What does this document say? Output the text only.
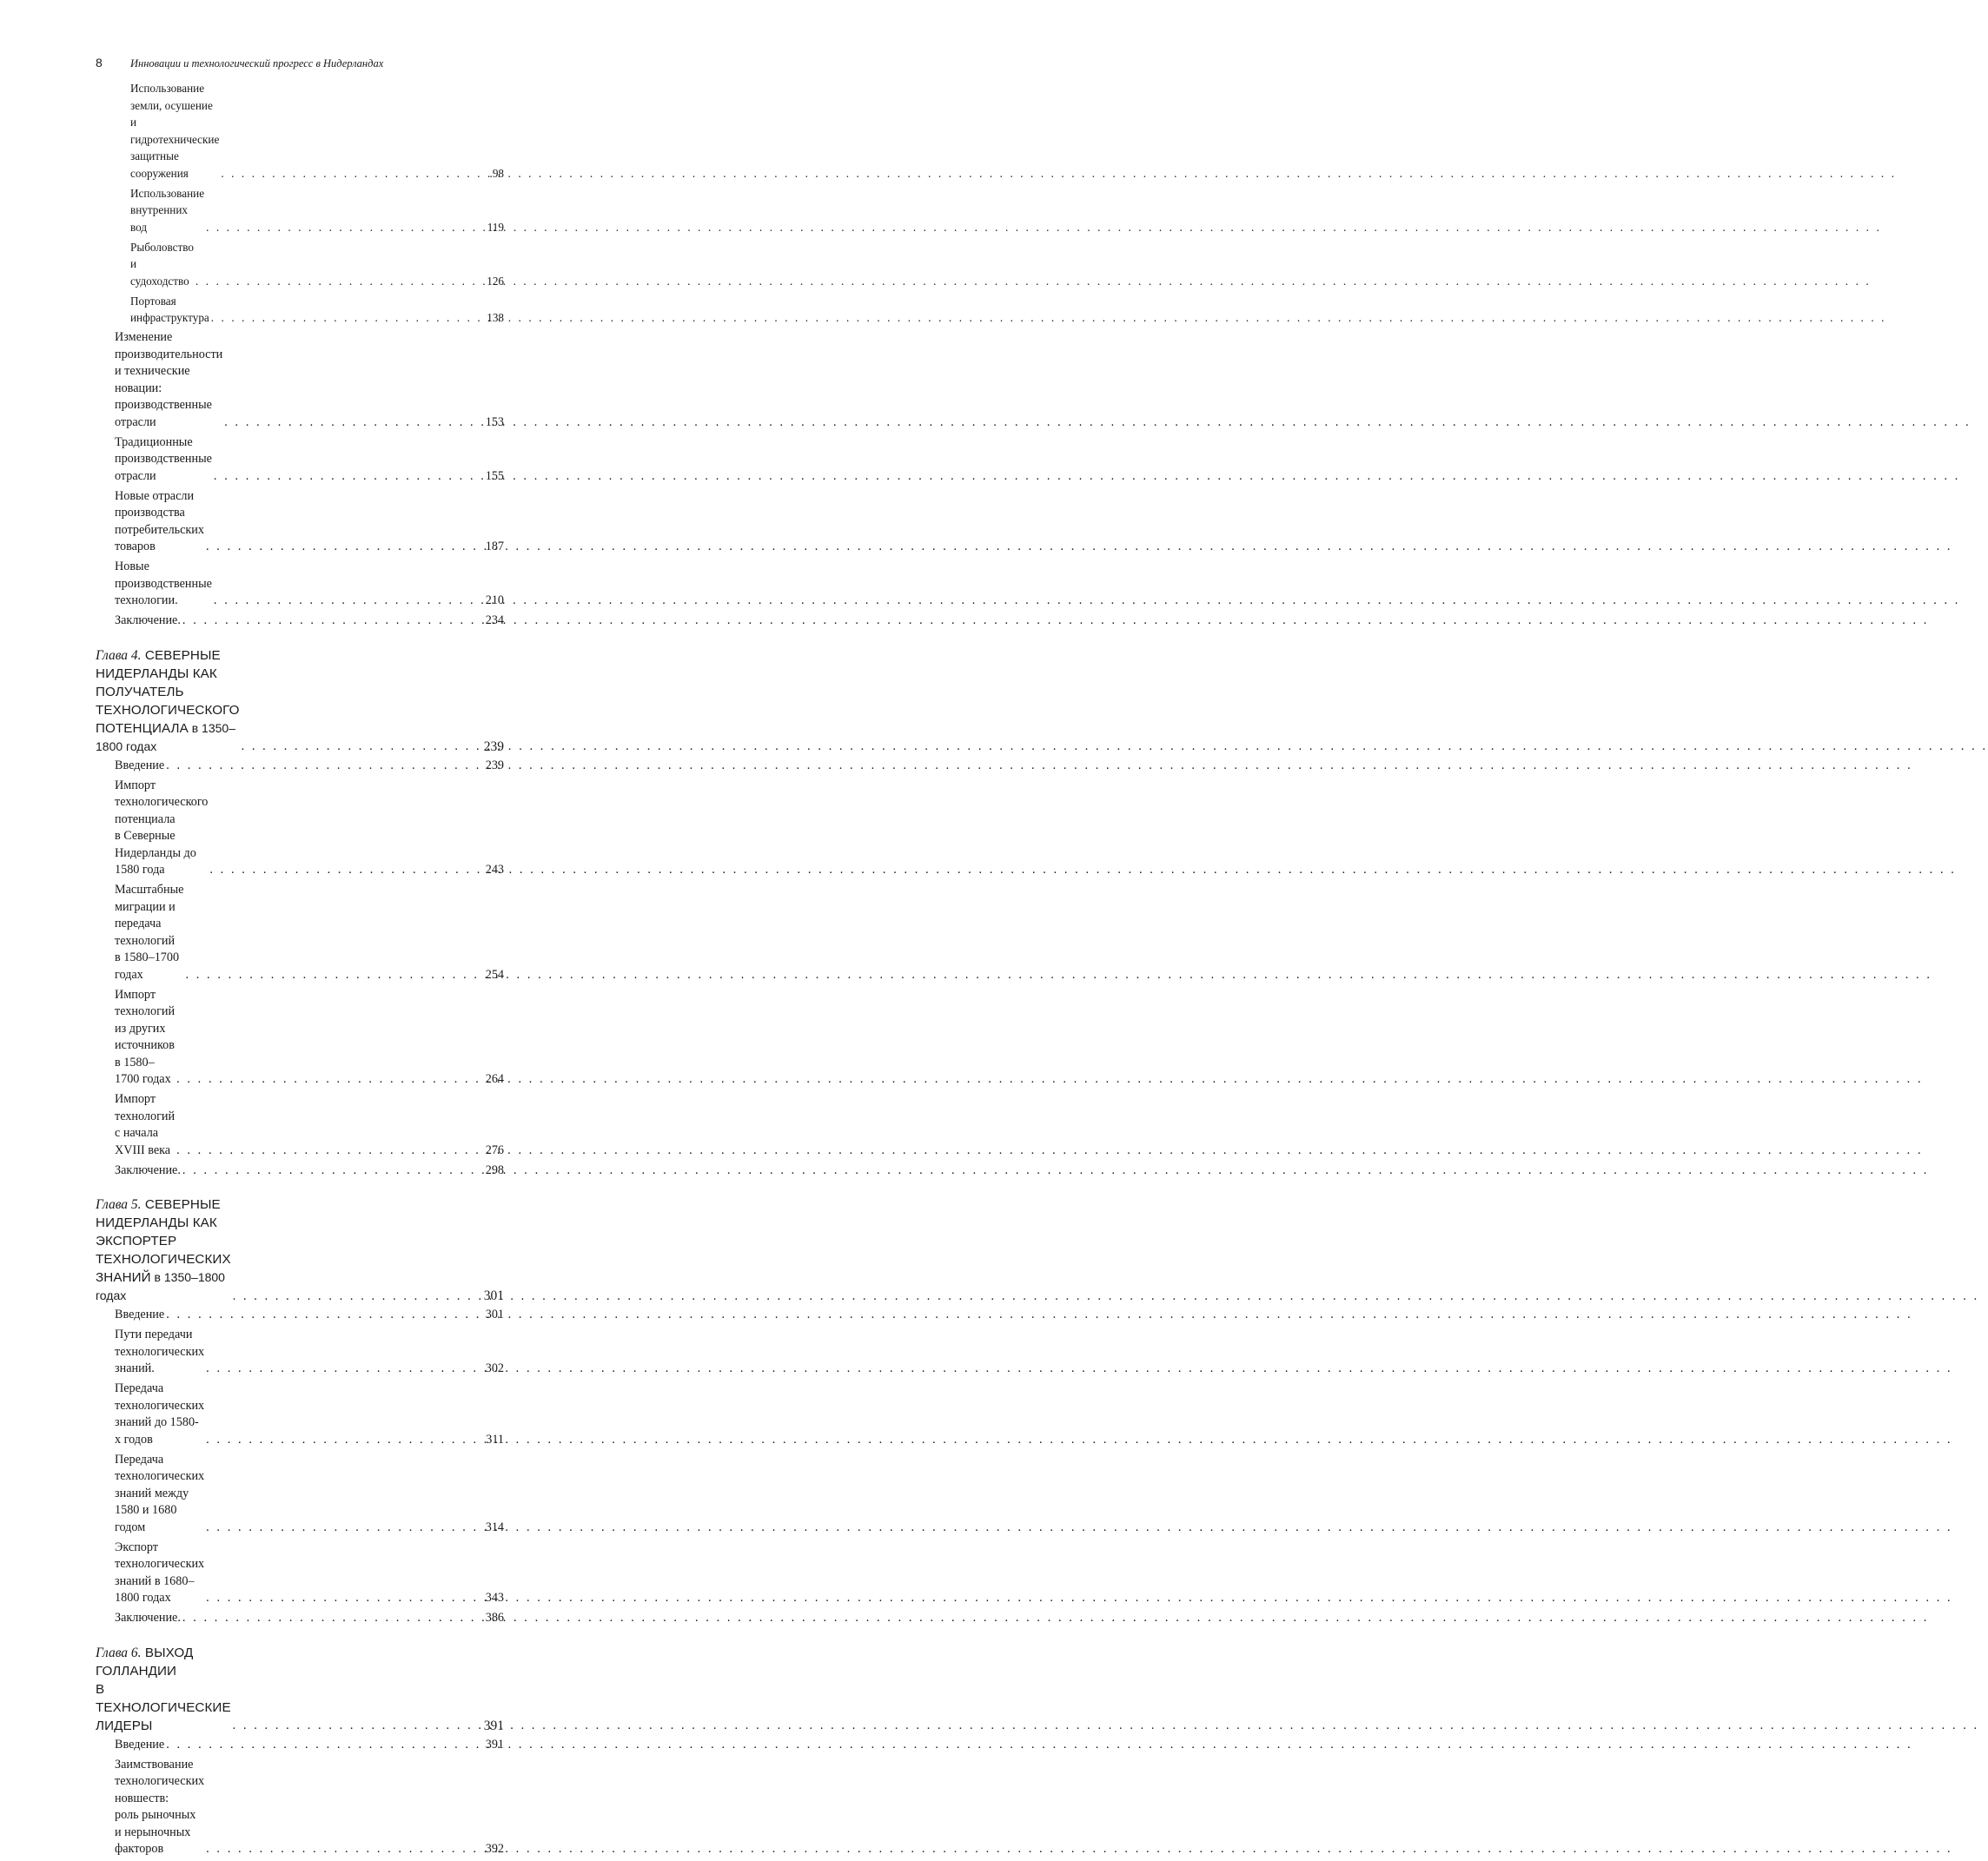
8	Инновации и технологический прогресс в Нидерландах
Использование земли, осушение
и гидротехнические защитные сооружения . . .	.98
Использование внутренних вод . . .	119
Рыболовство и судоходство . . .	126
Портовая инфраструктура . . .	138
Изменение производительности
и технические новации: производственные отрасли . . .	153
Традиционные производственные отрасли . . .	155
Новые отрасли производства
потребительских товаров . . .	187
Новые производственные технологии. . . .	210
Заключение. . . .	234
Глава 4. СЕВЕРНЫЕ НИДЕРЛАНДЫ КАК ПОЛУЧАТЕЛЬ
ТЕХНОЛОГИЧЕСКОГО ПОТЕНЦИАЛА в 1350–1800 годах . . .	239
Введение . . .	239
Импорт технологического потенциала
в Северные Нидерланды до 1580 года . . .	243
Масштабные миграции и передача технологий
в 1580–1700 годах . . .	254
Импорт технологий из других источников
в 1580–1700 годах . . .	264
Импорт технологий с начала XVIII века . . .	276
Заключение. . . .	298
Глава 5. СЕВЕРНЫЕ НИДЕРЛАНДЫ КАК ЭКСПОРТЕР
ТЕХНОЛОГИЧЕСКИХ ЗНАНИЙ в 1350–1800 годах . . .	301
Введение . . .	301
Пути передачи технологических знаний. . . .	302
Передача технологических знаний до 1580-х годов . . .	311
Передача технологических знаний между
1580 и 1680 годом . . .	314
Экспорт технологических знаний в 1680–1800 годах . . .	343
Заключение. . . .	386
Глава 6. ВЫХОД ГОЛЛАНДИИ
В ТЕХНОЛОГИЧЕСКИЕ ЛИДЕРЫ . . .	391
Введение . . .	391
Заимствование технологических новшеств:
роль рыночных и нерыночных факторов . . .	392
